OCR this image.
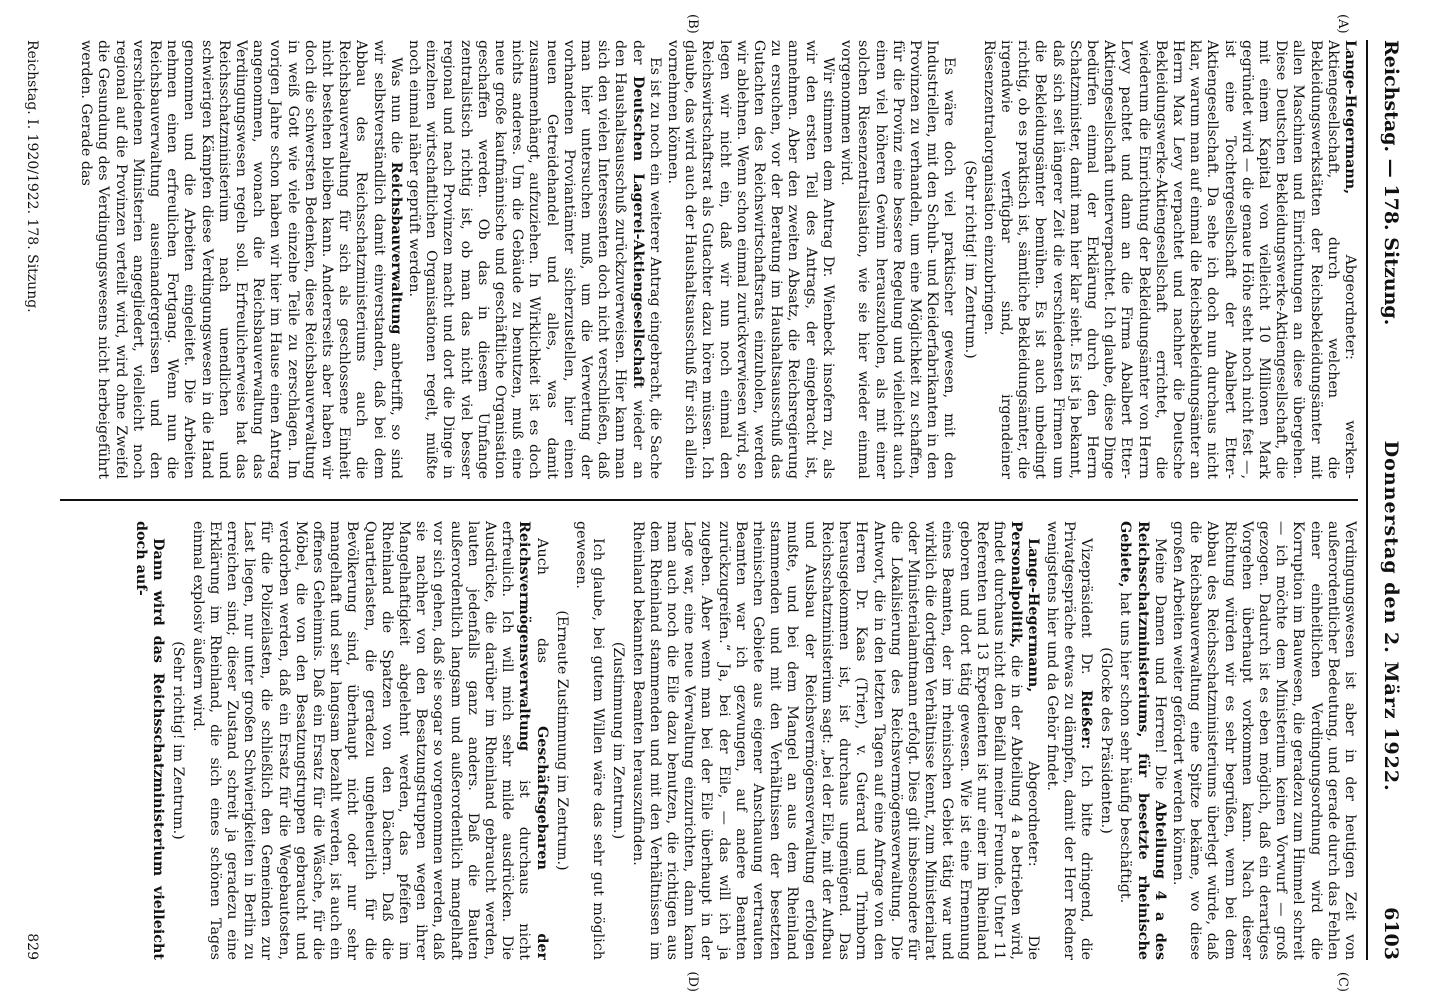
Reichstag. — 178. Sitzung.
Donnerstag den 2. März 1922.
6103
(A)
(B)
(C)
(D)

Lange-Hegermann, Abgeordneter: werken-Aktiengesellschaft, durch welchen die Bekleidungswerkstätten der Reichsbekleidungsämter mit allen Maschinen und Einrichtungen an diese übergehen. Diese Deutschen Bekleidungswerke-Aktiengesellschaft, die mit einem Kapital von vielleicht 10 Millionen Mark gegründet wird — die genaue Höhe steht noch nicht fest —, ist eine Tochtergesellschaft der Abalbert Etter-Aktiengesellschaft. Da sehe ich doch nun durchaus nicht klar, warum man auf einmal die Reichsbekleidungsämter an Herrn Max Levy verpachtet und nachher die Deutsche Bekleidungswerke-Aktiengesellschaft errichtet, die wiederum die Einrichtung der Bekleidungsämter von Herrn Levy pachtet und dann an die Firma Abalbert Etter-Aktiengesellschaft unterverpachtet. Ich glaube, diese Dinge bedürfen einmal der Erklärung durch den Herrn Schatzminister, damit man hier klar sieht. Es ist ja bekannt, daß sich seit längerer Zeit die verschiedensten Firmen um die Bekleidungsämter bemühen. Es ist auch unbedingt richtig, ob es praktisch ist, sämtliche Bekleidungsämter, die irgendwie verfügbar sind, irgendeiner Riesenzentralorganisation einzubringen.

(Sehr richtig! im Zentrum.)

Es wäre doch viel praktischer gewesen, mit den Industriellen, mit den Schuh- und Kleiderfabrikanten in den Provinzen zu verhandeln, um eine Möglichkeit zu schaffen, für die Provinz eine bessere Regelung und vielleicht auch einen viel höheren Gewinn herauszuholen, als mit einer solchen Riesenzentralisation, wie sie hier wieder einmal vorgenommen wird.

Wir stimmen dem Antrag Dr. Wienbeck insofern zu, als wir den ersten Teil des Antrags, der eingebracht ist, annehmen. Aber den zweiten Absatz, die Reichsregierung zu ersuchen, vor der Beratung im Haushaltsausschuß das Gutachten des Reichswirtschaftsrats einzuholen, werden wir ablehnen. Wenn schon einmal zurückverwiesen wird, so legen wir nicht ein, daß wir nun noch einmal den Reichswirtschaftsrat als Gutachter dazu hören müssen. Ich glaube, das wird auch der Haushaltsausschuß für sich allein vornehmen können.

Es ist zu noch ein weiterer Antrag eingebracht, die Sache der Deutschen Lagerei-Aktiengesellschaft wieder an den Haushaltsausschuß zurückzuverweisen. Hier kann man sich den vielen Interessenten doch nicht verschließen, daß man hier untersuchen muß, um die Verwertung der vorhandenen Proviantämter sicherzustellen, hier einen neuen Getreidehandel und alles, was damit zusammenhängt, aufzuziehen. In Wirklichkeit ist es doch nichts anderes. Um die Gebäude zu benutzen, muß eine neue große kaufmännische und geschäftliche Organisation geschaffen werden. Ob das in diesem Umfange zentralistisch richtig ist, ob man das nicht viel besser regional und nach Provinzen macht und dort die Dinge in einzelnen wirtschaftlichen Organisationen regelt, müßte noch einmal näher geprüft werden.

Was nun die Reichsbauverwaltung anbetrifft, so sind wir selbstverständlich damit einverstanden, daß bei dem Abbau des Reichsschatzministeriums auch die Reichsbauverwaltung für sich als geschlossene Einheit nicht bestehen bleiben kann. Andererseits aber haben wir doch die schwersten Bedenken, diese Reichsbauverwaltung in weiß Gott wie viele einzelne Teile zu zerschlagen. Im vorigen Jahre schon haben wir hier im Hause einen Antrag angenommen, wonach die Reichsbauverwaltung das Verdingungswesen regeln soll. Erfreulicherweise hat das Reichsschatzministerium nach unendlichen und schwierigen Kämpfen diese Verdingungswesen in die Hand genommen und die Arbeiten eingeleitet. Die Arbeiten nehmen einen erfreulichen Fortgang. Wenn nun die Reichsbauverwaltung auseinandergerissen und den verschiedenen Ministerien angegliedert, vielleicht noch regional auf die Provinzen verteilt wird, wird ohne Zweifel die Gesundung des Verdingungswesens nicht herbeigeführt werden. Gerade das

Verdingungswesen ist aber in der heutigen Zeit von außerordentlicher Bedeutung, und gerade durch das Fehlen einer einheitlichen Verdingungsordnung wird die Korruption im Bauwesen, die geradezu zum Himmel schreit — ich möchte dem Ministerium keinen Vorwurf — groß gezogen. Dadurch ist es eben möglich, daß ein derartiges Vorgehen überhaupt vorkommen kann. Nach dieser Richtung würden wir es sehr begrüßen, wenn bei dem Abbau des Reichsschatzministeriums überlegt würde, daß die Reichsbauverwaltung eine Spitze bekäme, wo diese großen Arbeiten weiter gefördert werden können.

Meine Damen und Herren! Die Abteilung 4 a des Reichsschatzministeriums, für besetzte rheinische Gebiete, hat uns hier schon sehr häufig beschäftigt.

(Glocke des Präsidenten.)

Vizepräsident Dr. Rießer: Ich bitte dringend, die Privatgespräche etwas zu dämpfen, damit der Herr Redner wenigstens hier und da Gehör findet.

Lange-Hegermann, Abgeordneter: Die Personalpolitik, die in der Abteilung 4 a betrieben wird, findet durchaus nicht den Beifall meiner Freunde. Unter 11 Referenten und 13 Expedienten ist nur einer im Rheinland geboren und dort tätig gewesen. Wie ist eine Ernennung eines Beamten, der im rheinischen Gebiet tätig war und wirklich die dortigen Verhältnisse kennt, zum Ministerialrat oder Ministerialamtmann erfolgt. Dies gilt insbesondere für die Lokalisierung des Reichsvermögensverwaltung. Die Antwort, die in den letzten Tagen auf eine Anfrage von den Herren Dr. Kaas (Trier), v. Guérard und Trimborn herausgekommen ist, ist durchaus ungenügend. Das Reichsschatzministerium sagt: „bei der Eile, mit der Aufbau und Ausbau der Reichsvermögensverwaltung erfolgen mußte, und bei dem Mangel an aus dem Rheinland stammenden und mit den Verhältnissen der besetzten rheinischen Gebiete aus eigener Anschauung vertrauten Beamten war ich gezwungen, auf andere Beamten zurückzugreifen.“ Ja, bei der Eile, — das will ich ja zugeben. Aber wenn man bei der Eile überhaupt in der Lage war, eine neue Verwaltung einzurichten, dann kann man auch noch die Eile dazu benutzen, die richtigen aus dem Rheinland stammenden und mit den Verhältnissen im Rheinland bekannten Beamten herauszufinden.

(Zustimmung im Zentrum.)

Ich glaube, bei gutem Willen wäre das sehr gut möglich gewesen.

(Erneute Zustimmung im Zentrum.)

Auch das Geschäftsgebaren der Reichsvermögensverwaltung ist durchaus nicht erfreulich. Ich will mich sehr milde ausdrücken. Die Ausdrücke, die darüber im Rheinland gebraucht werden, lauten jedenfalls ganz anders. Daß die Bauten außerordentlich langsam und außerordentlich mangelhaft vor sich gehen, daß sie sogar so vorgenommen werden, daß sie nachher von den Besatzungstruppen wegen ihrer Mangelhaftigkeit abgelehnt werden, das pfeifen im Rheinland die Spatzen von den Dächern. Daß die Quartierlasten, die geradezu ungeheuerlich für die Bevölkerung sind, überhaupt nicht oder nur sehr mangelhaft und sehr langsam bezahlt werden, ist auch ein offenes Geheimnis. Daß ein Ersatz für die Wäsche, für die Möbel, die von den Besatzungstruppen gebraucht und verdorben werden, daß ein Ersatz für die Wegebautosten, für die Polizeilasten, die schließlich den Gemeinden zur Last liegen, nur unter großen Schwierigkeiten in Berlin zu erreichen sind; dieser Zustand schreit ja geradezu eine Erklärung im Rheinland, die sich eines schönen Tages einmal explosiv äußern wird.

(Sehr richtig! im Zentrum.)

Dann wird das Reichsschatzministerium vielleicht doch auf-

Reichstag. I. 1920/1922. 178. Sitzung.
829
